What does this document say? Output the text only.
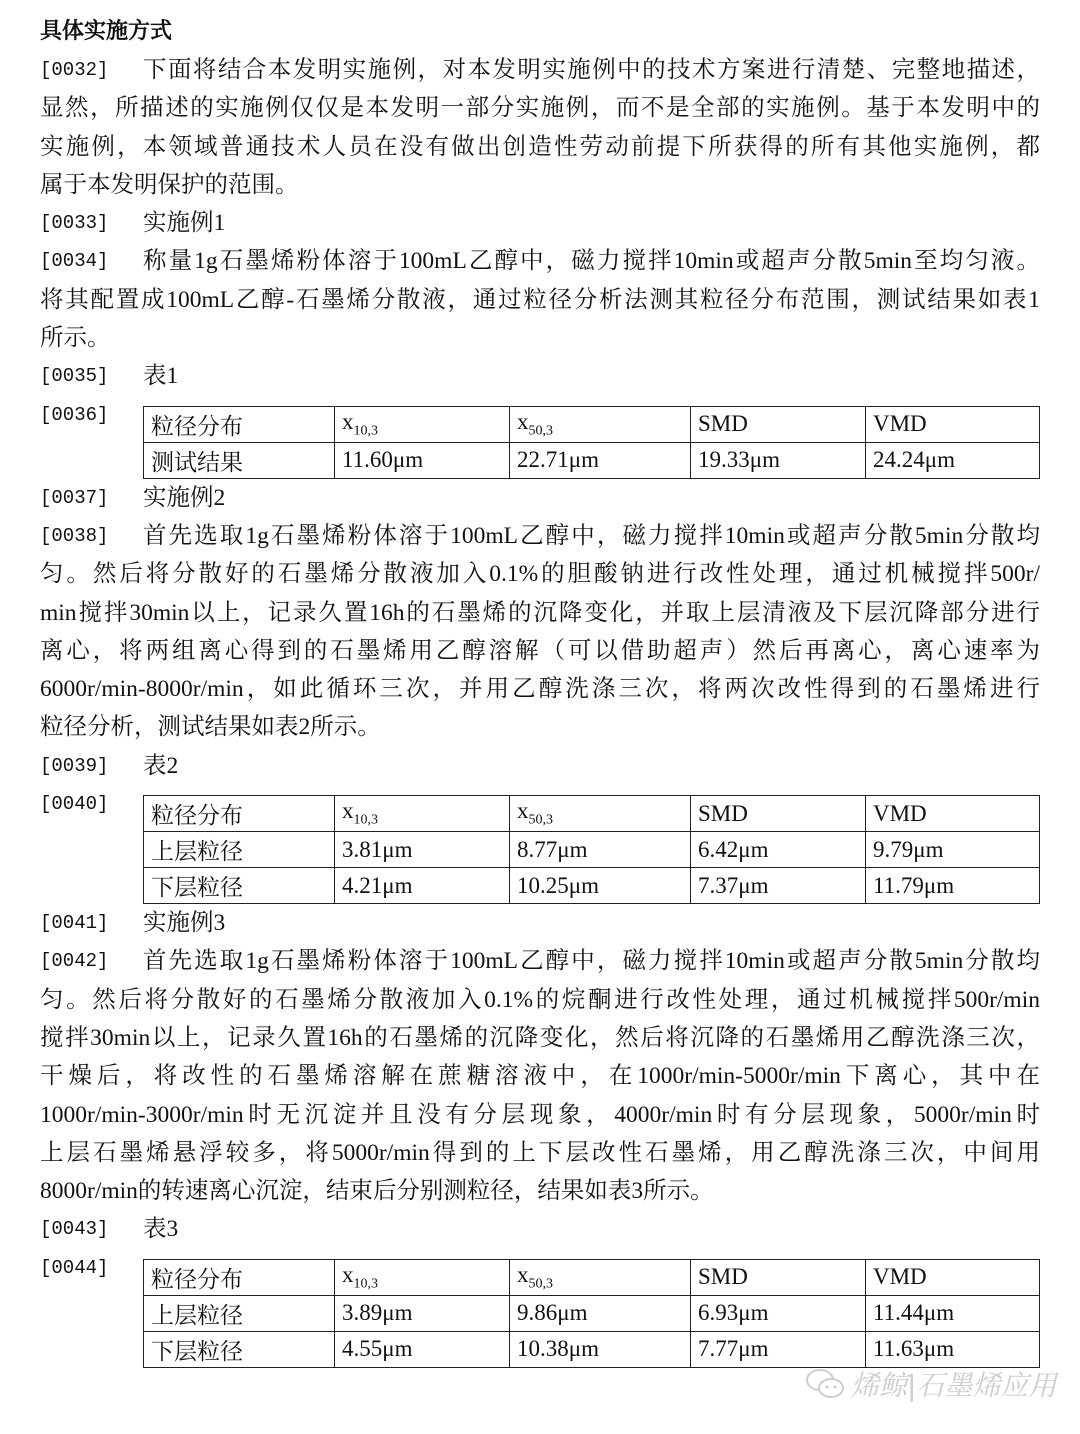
具体实施方式
[0032]	下面将结合本发明实施例，对本发明实施例中的技术方案进行清楚、完整地描述，
显然，所描述的实施例仅仅是本发明一部分实施例，而不是全部的实施例。基于本发明中的
实施例，本领域普通技术人员在没有做出创造性劳动前提下所获得的所有其他实施例，都
属于本发明保护的范围。
[0033]	实施例1
[0034]	称量1g石墨烯粉体溶于100mL乙醇中，磁力搅拌10min或超声分散5min至均匀液。
将其配置成100mL乙醇-石墨烯分散液，通过粒径分析法测其粒径分布范围，测试结果如表1
所示。
[0035]	表1
[0036] 粒径分布	$x_{10,3}$	$x_{50,3}$	SMD	VMD
测试结果	11.60μm	22.71μm	19.33μm	24.24μm
[0037]	实施例2
[0038]	首先选取1g石墨烯粉体溶于100mL乙醇中，磁力搅拌10min或超声分散5min分散均
匀。然后将分散好的石墨烯分散液加入0.1%的胆酸钠进行改性处理，通过机械搅拌500r/
min搅拌30min以上，记录久置16h的石墨烯的沉降变化，并取上层清液及下层沉降部分进行
离心，将两组离心得到的石墨烯用乙醇溶解（可以借助超声）然后再离心，离心速率为
6000r/min-8000r/min，如此循环三次，并用乙醇洗涤三次，将两次改性得到的石墨烯进行
粒径分析，测试结果如表2所示。
[0039]	表2
[0040] 粒径分布	$x_{10,3}$	$x_{50,3}$	SMD	VMD
上层粒径	3.81μm	8.77μm	6.42μm	9.79μm
下层粒径	4.21μm	10.25μm	7.37μm	11.79μm
[0041]	实施例3
[0042]	首先选取1g石墨烯粉体溶于100mL乙醇中，磁力搅拌10min或超声分散5min分散均
匀。然后将分散好的石墨烯分散液加入0.1%的烷酮进行改性处理，通过机械搅拌500r/min
搅拌30min以上，记录久置16h的石墨烯的沉降变化，然后将沉降的石墨烯用乙醇洗涤三次，
干燥后，将改性的石墨烯溶解在蔗糖溶液中，在1000r/min-5000r/min下离心，其中在
1000r/min-3000r/min时无沉淀并且没有分层现象，4000r/min时有分层现象，5000r/min时
上层石墨烯悬浮较多，将5000r/min得到的上下层改性石墨烯，用乙醇洗涤三次，中间用
8000r/min的转速离心沉淀，结束后分别测粒径，结果如表3所示。
[0043]	表3
[0044] 粒径分布	$x_{10,3}$	$x_{50,3}$	SMD	VMD
上层粒径	3.89μm	9.86μm	6.93μm	11.44μm
下层粒径	4.55μm	10.38μm	7.77μm	11.63μm
烯鲸|石墨烯应用
